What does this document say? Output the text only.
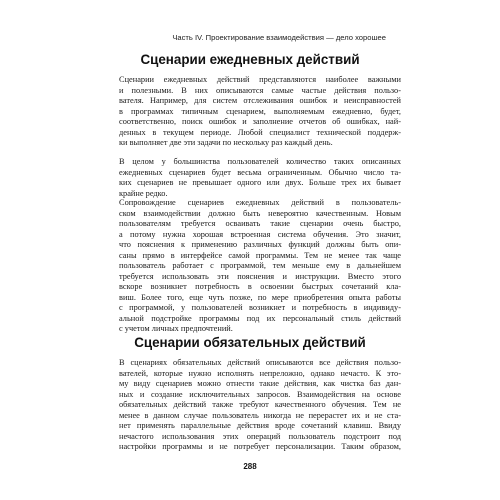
Часть IV. Проектирование взаимодействия — дело хорошее
Сценарии ежедневных действий

Сценарии ежедневных действий представляются наиболее важными
и полезными. В них описываются самые частые действия пользо-
вателя. Например, для систем отслеживания ошибок и неисправностей
в программах типичным сценарием, выполняемым ежедневно, будет,
соответственно, поиск ошибок и заполнение отчетов об ошибках, най-
денных в текущем периоде. Любой специалист технической поддерж-
ки выполняет две эти задачи по нескольку раз каждый день.

В целом у большинства пользователей количество таких описанных
ежедневных сценариев будет весьма ограниченным. Обычно число та-
ких сценариев не превышает одного или двух. Больше трех их бывает
крайне редко.

Сопровождение сценариев ежедневных действий в пользователь-
ском взаимодействии должно быть невероятно качественным. Новым
пользователям требуется осваивать такие сценарии очень быстро,
а потому нужна хорошая встроенная система обучения. Это значит,
что пояснения к применению различных функций должны быть опи-
саны прямо в интерфейсе самой программы. Тем не менее так чаще
пользователь работает с программой, тем меньше ему в дальнейшем
требуется использовать эти пояснения и инструкции. Вместо этого
вскоре возникнет потребность в освоении быстрых сочетаний кла-
виш. Более того, еще чуть позже, по мере приобретения опыта работы
с программой, у пользователей возникнет и потребность в индивиду-
альной подстройке программы под их персональный стиль действий
с учетом личных предпочтений.

Сценарии обязательных действий

В сценариях обязательных действий описываются все действия пользо-
вателей, которые нужно исполнять непреложно, однако нечасто. К это-
му виду сценариев можно отнести такие действия, как чистка баз дан-
ных и создание исключительных запросов. Взаимодействия на основе
обязательных действий также требуют качественного обучения. Тем не
менее в данном случае пользователь никогда не перерастет их и не ста-
нет применять параллельные действия вроде сочетаний клавиш. Ввиду
нечастого использования этих операций пользователь подстроит под
настройки программы и не потребует персонализации. Таким образом,

288
